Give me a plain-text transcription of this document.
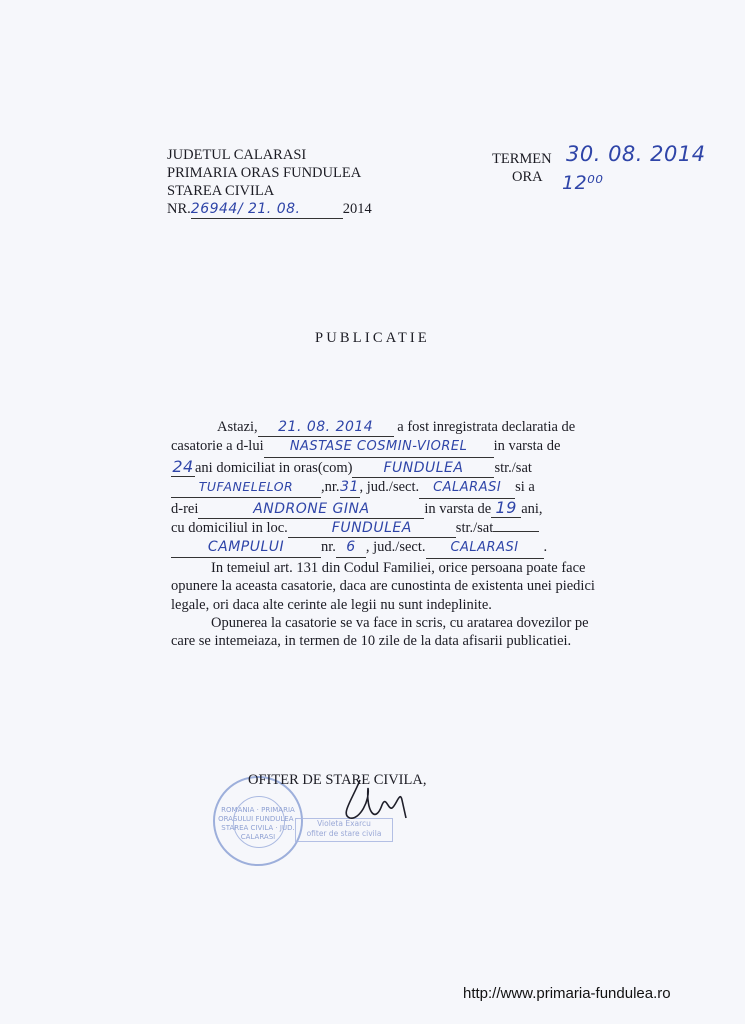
JUDETUL CALARASI
PRIMARIA ORAS FUNDULEA
STAREA CIVILA
NR.26944/ 21. 08.	2014
TERMEN
ORA
30. 08. 2014
12⁰⁰
PUBLICATIE
Astazi, 21. 08. 2014 a fost inregistrata declaratia de
casatorie a d-lui NASTASE COSMIN-VIOREL in varsta de
24ani domiciliat in oras(com) FUNDULEA str./sat
TUFANELELOR ,nr.31, jud./sect. CALARASI si a
d-rei	ANDRONE GINA	in varsta de 19 ani,
cu domiciliul in loc.	FUNDULEA	str./sat
CAMPULUI	nr. 6 , jud./sect. CALARASI .

In temeiul art. 131 din Codul Familiei, orice persoana poate face opunere la aceasta casatorie, daca are cunostinta de existenta unei piedici legale, ori daca alte cerinte ale legii nu sunt indeplinite.

Opunerea la casatorie se va face in scris, cu aratarea dovezilor pe care se intemeiaza, in termen de 10 zile de la data afisarii publicatiei.

ROMANIA · PRIMARIA ORASULUI FUNDULEA · STAREA CIVILA · JUD. CALARASI
OFITER DE STARE CIVILA,
Violeta Exarcu
ofiter de stare civila
http://www.primaria-fundulea.ro
